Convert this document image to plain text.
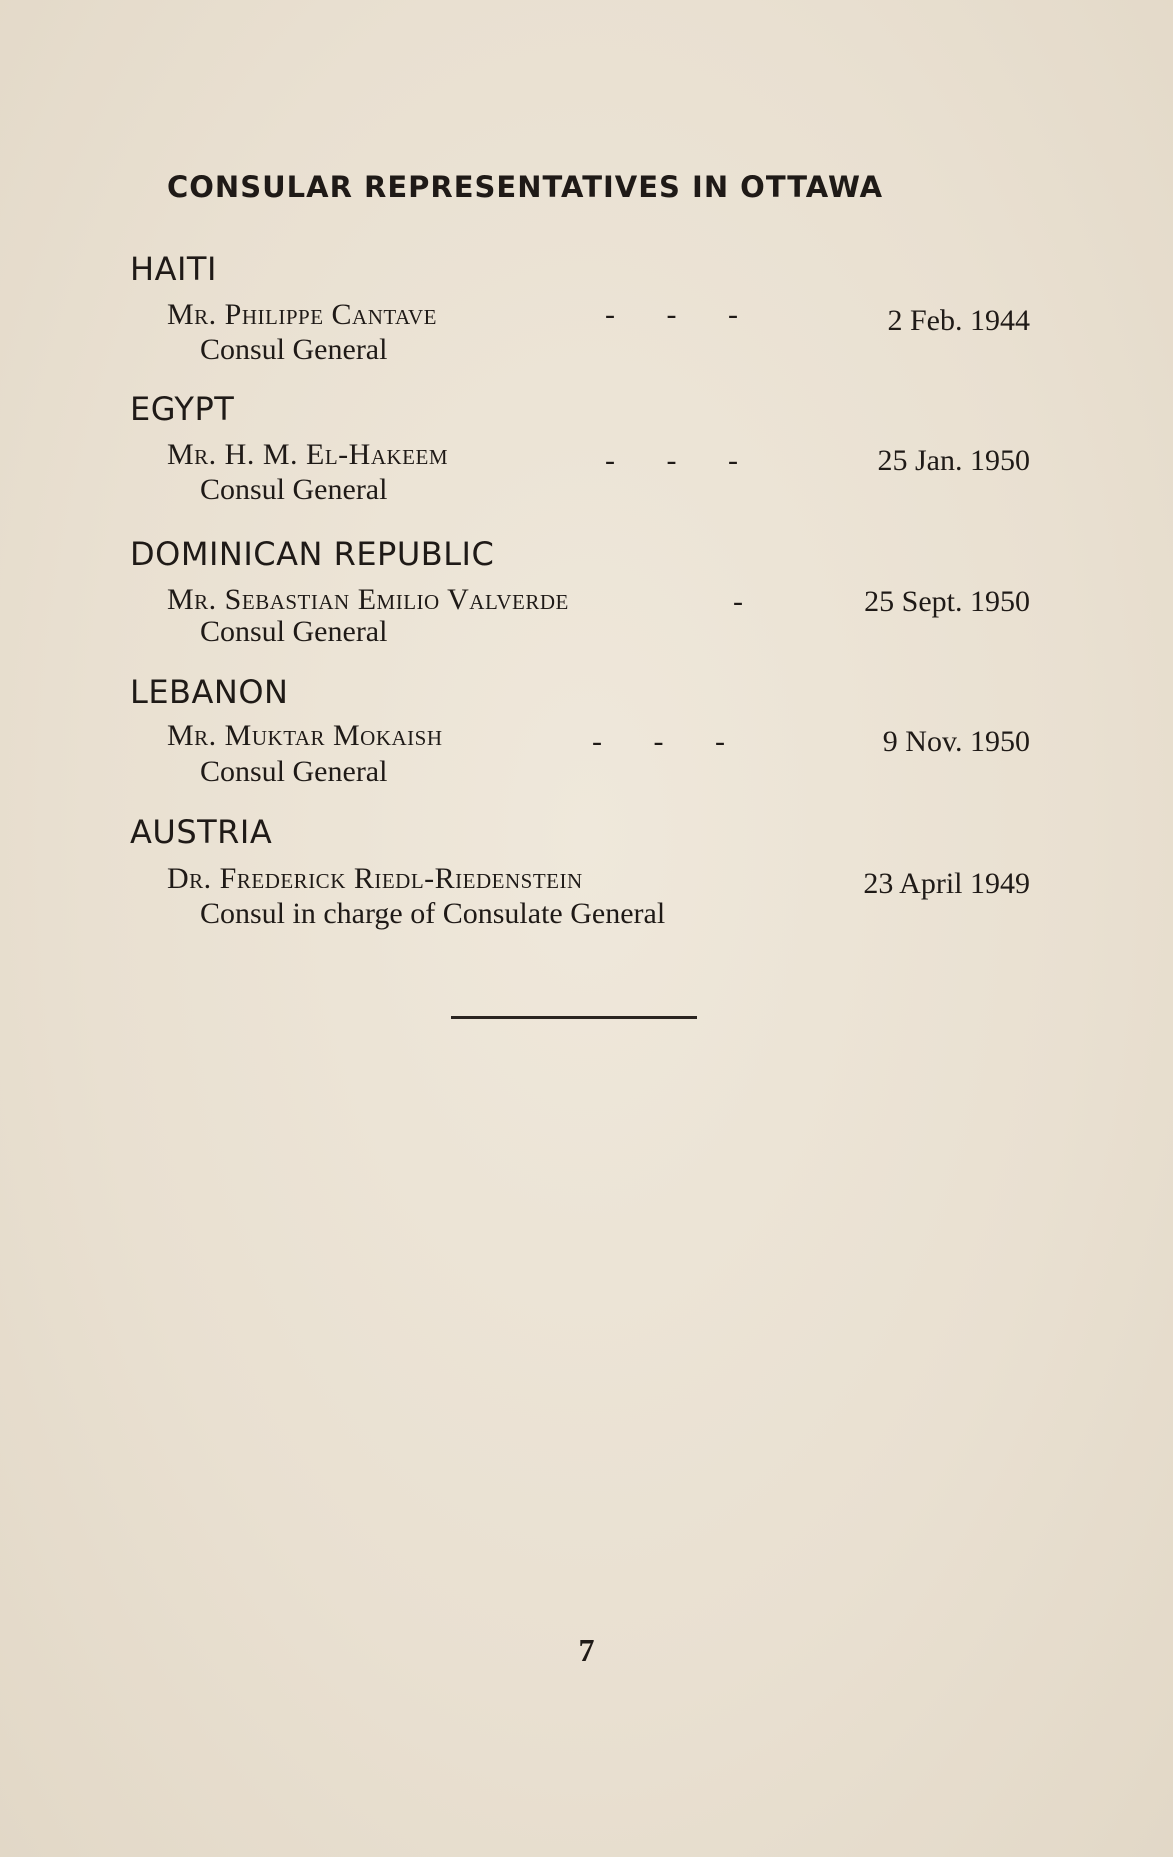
CONSULAR REPRESENTATIVES IN OTTAWA
HAITI
Mr. Philippe Cantave	- - -	2 Feb. 1944
Consul General
EGYPT
Mr. H. M. El-Hakeem	- - -	25 Jan. 1950
Consul General
DOMINICAN REPUBLIC
Mr. Sebastian Emilio Valverde	-	25 Sept. 1950
Consul General
LEBANON
Mr. Muktar Mokaish	- - -	9 Nov. 1950
Consul General
AUSTRIA
Dr. Frederick Riedl-Riedenstein	23 April 1949
Consul in charge of Consulate General
7
